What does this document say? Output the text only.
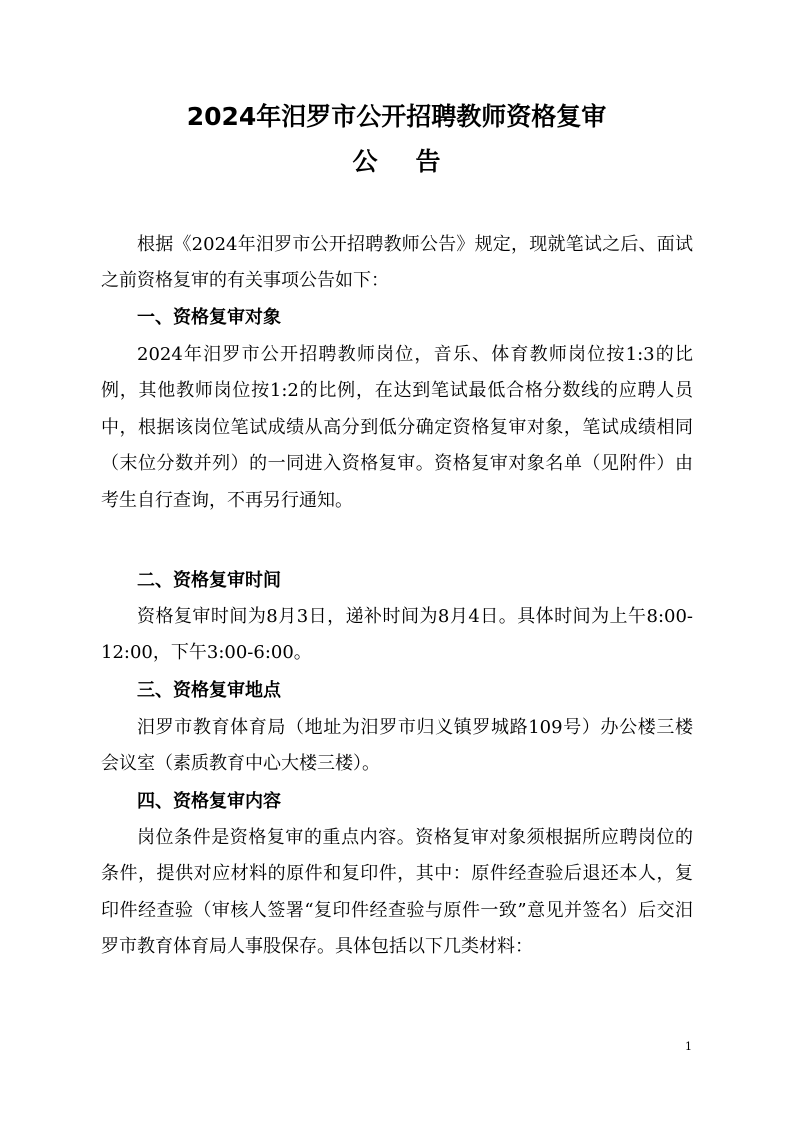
2024年汨罗市公开招聘教师资格复审
公告
根据《2024年汨罗市公开招聘教师公告》规定，现就笔试之后、面试之前资格复审的有关事项公告如下：
一、资格复审对象
2024年汨罗市公开招聘教师岗位，音乐、体育教师岗位按1:3的比例，其他教师岗位按1:2的比例，在达到笔试最低合格分数线的应聘人员中，根据该岗位笔试成绩从高分到低分确定资格复审对象，笔试成绩相同（末位分数并列）的一同进入资格复审。资格复审对象名单（见附件）由考生自行查询，不再另行通知。
二、资格复审时间
资格复审时间为8月3日，递补时间为8月4日。具体时间为上午8:00-12:00，下午3:00-6:00。
三、资格复审地点
汨罗市教育体育局（地址为汨罗市归义镇罗城路109号）办公楼三楼会议室（素质教育中心大楼三楼）。
四、资格复审内容
岗位条件是资格复审的重点内容。资格复审对象须根据所应聘岗位的条件，提供对应材料的原件和复印件，其中：原件经查验后退还本人，复印件经查验（审核人签署“复印件经查验与原件一致”意见并签名）后交汨罗市教育体育局人事股保存。具体包括以下几类材料：
1
